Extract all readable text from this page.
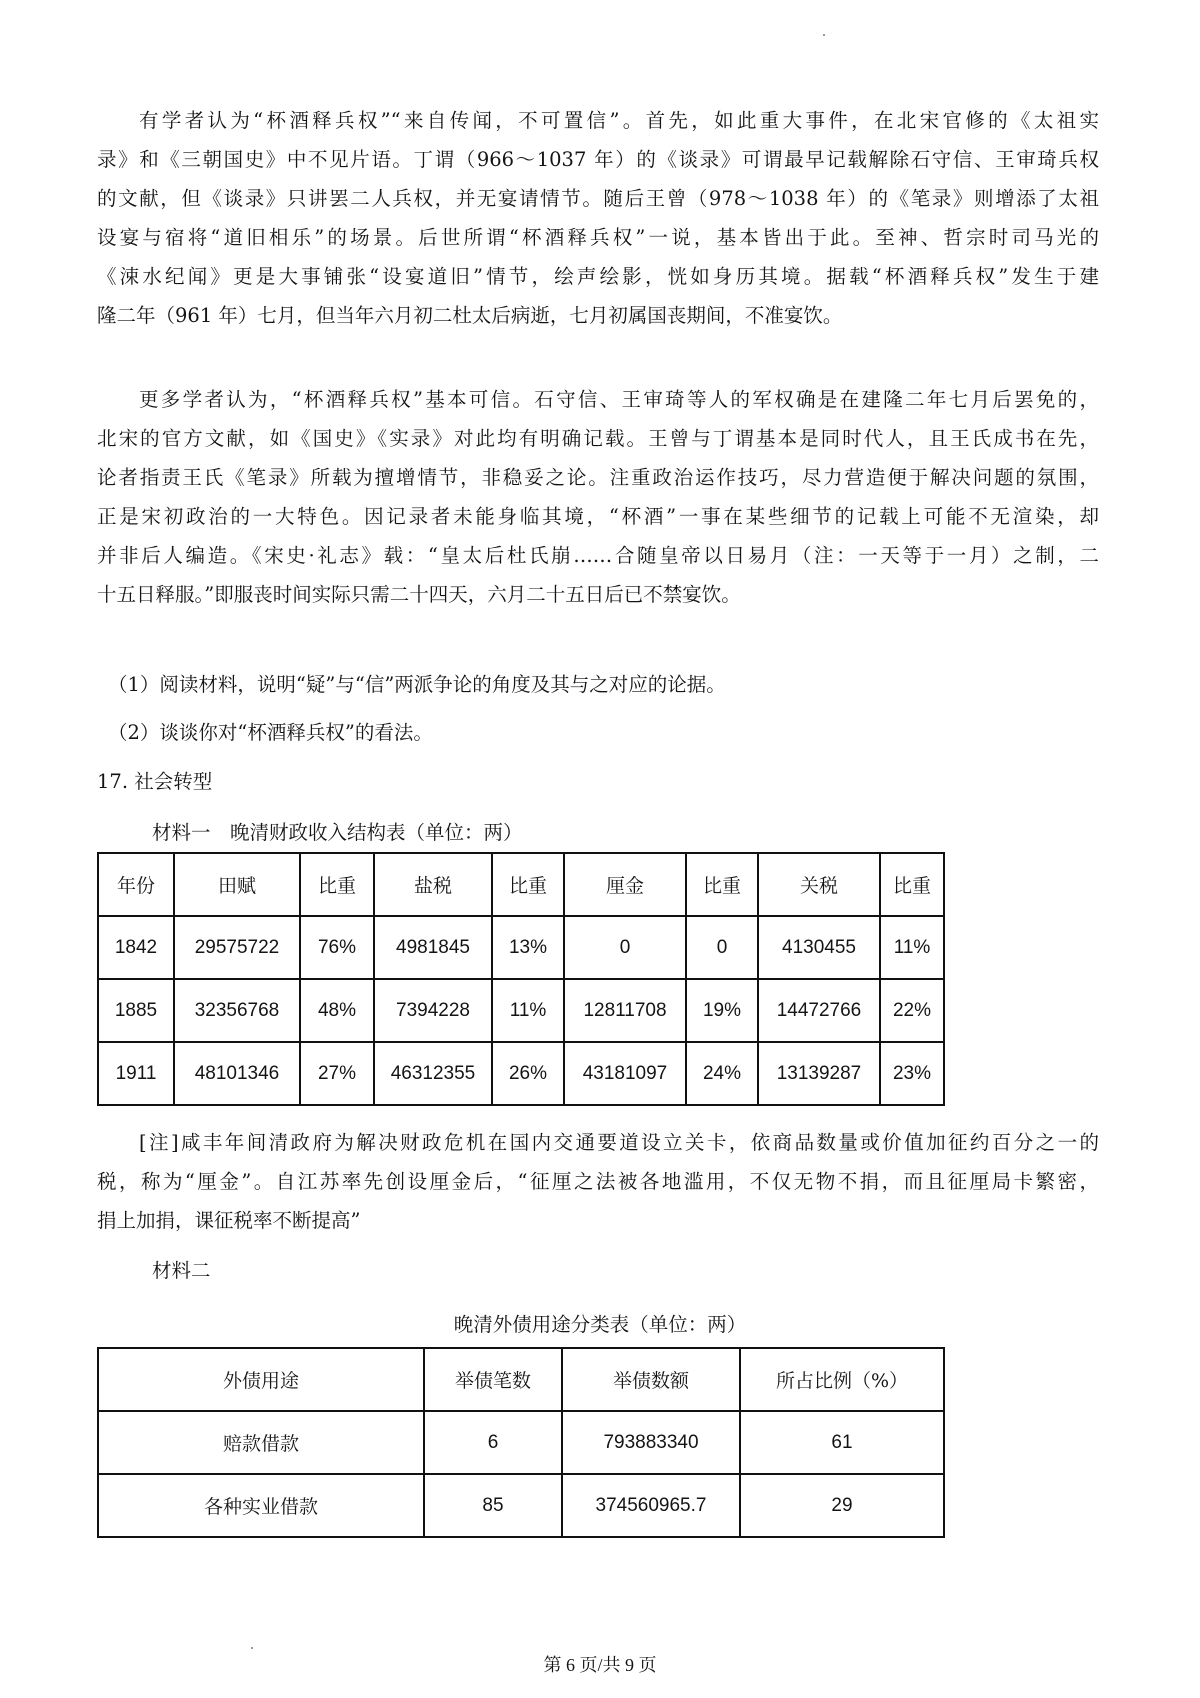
有学者认为“杯酒释兵权”“来自传闻，不可置信”。首先，如此重大事件，在北宋官修的《太祖实
录》和《三朝国史》中不见片语。丁谓（966～1037 年）的《谈录》可谓最早记载解除石守信、王审琦兵权
的文献，但《谈录》只讲罢二人兵权，并无宴请情节。随后王曾（978～1038 年）的《笔录》则增添了太祖
设宴与宿将“道旧相乐”的场景。后世所谓“杯酒释兵权”一说，基本皆出于此。至神、哲宗时司马光的
《涑水纪闻》更是大事铺张“设宴道旧”情节，绘声绘影，恍如身历其境。据载“杯酒释兵权”发生于建
隆二年（961 年）七月，但当年六月初二杜太后病逝，七月初属国丧期间，不准宴饮。
更多学者认为，“杯酒释兵权”基本可信。石守信、王审琦等人的军权确是在建隆二年七月后罢免的，
北宋的官方文献，如《国史》《实录》对此均有明确记载。王曾与丁谓基本是同时代人，且王氏成书在先，
论者指责王氏《笔录》所载为擅增情节，非稳妥之论。注重政治运作技巧，尽力营造便于解决问题的氛围，
正是宋初政治的一大特色。因记录者未能身临其境，“杯酒”一事在某些细节的记载上可能不无渲染，却
并非后人编造。《宋史·礼志》载：“皇太后杜氏崩……合随皇帝以日易月（注：一天等于一月）之制，二
十五日释服。”即服丧时间实际只需二十四天，六月二十五日后已不禁宴饮。
（1）阅读材料，说明“疑”与“信”两派争论的角度及其与之对应的论据。
（2）谈谈你对“杯酒释兵权”的看法。
17. 社会转型
材料一　晚清财政收入结构表（单位：两）
年份	田赋	比重	盐税	比重	厘金	比重	关税	比重
1842	29575722	76%	4981845	13%	0	0	4130455	11%
1885	32356768	48%	7394228	11%	12811708	19%	14472766	22%
1911	48101346	27%	46312355	26%	43181097	24%	13139287	23%
[注]咸丰年间清政府为解决财政危机在国内交通要道设立关卡，依商品数量或价值加征约百分之一的
税，称为“厘金”。自江苏率先创设厘金后，“征厘之法被各地滥用，不仅无物不捐，而且征厘局卡繁密，
捐上加捐，课征税率不断提高”
材料二
晚清外债用途分类表（单位：两）
外债用途	举债笔数	举债数额	所占比例（%）
赔款借款	6	793883340	61
各种实业借款	85	374560965.7	29
第 6 页/共 9 页
